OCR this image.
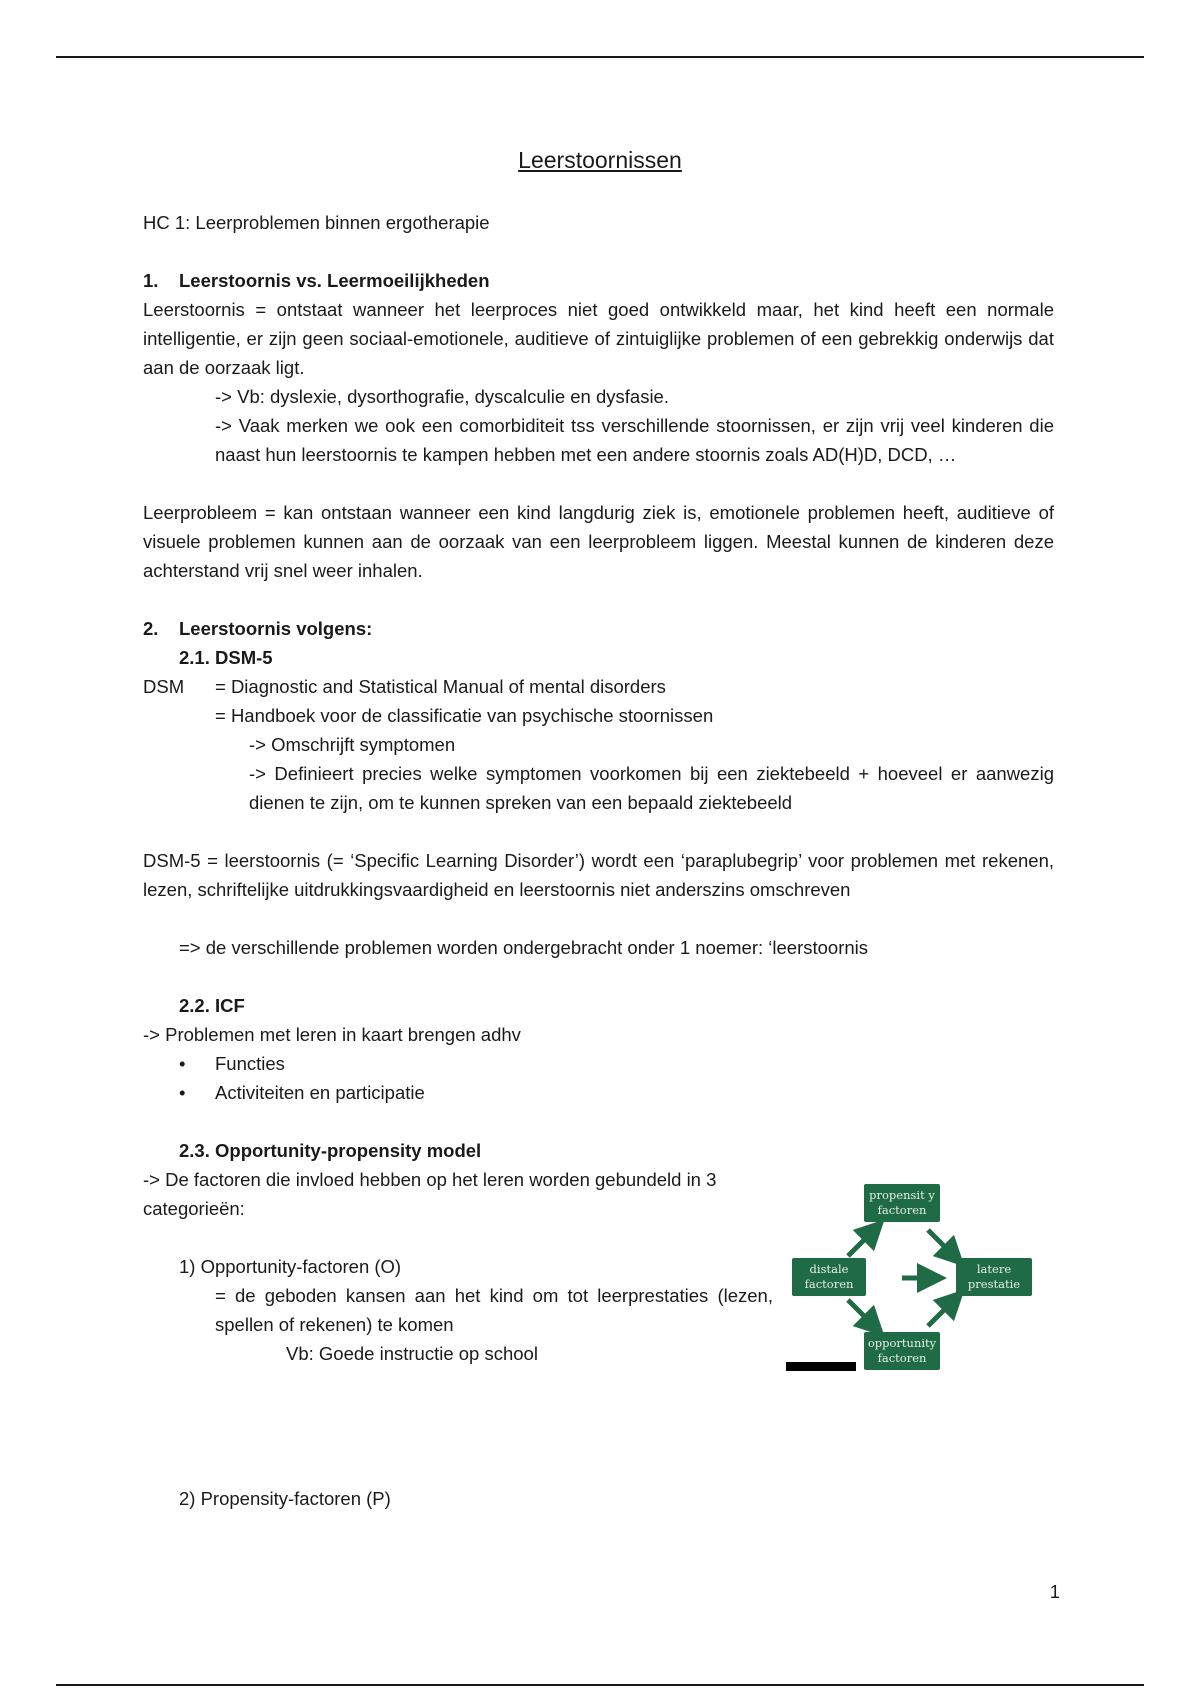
Leerstoornissen
HC 1: Leerproblemen binnen ergotherapie
1. Leerstoornis vs. Leermoeilijkheden
Leerstoornis = ontstaat wanneer het leerproces niet goed ontwikkeld maar, het kind heeft een normale intelligentie, er zijn geen sociaal-emotionele, auditieve of zintuiglijke problemen of een gebrekkig onderwijs dat aan de oorzaak ligt.
-> Vb: dyslexie, dysorthografie, dyscalculie en dysfasie.
-> Vaak merken we ook een comorbiditeit tss verschillende stoornissen, er zijn vrij veel kinderen die naast hun leerstoornis te kampen hebben met een andere stoornis zoals AD(H)D, DCD, …
Leerprobleem = kan ontstaan wanneer een kind langdurig ziek is, emotionele problemen heeft, auditieve of visuele problemen kunnen aan de oorzaak van een leerprobleem liggen. Meestal kunnen de kinderen deze achterstand vrij snel weer inhalen.
2. Leerstoornis volgens:
2.1. DSM-5
DSM	= Diagnostic and Statistical Manual of mental disorders
= Handboek voor de classificatie van psychische stoornissen
-> Omschrijft symptomen
-> Definieert precies welke symptomen voorkomen bij een ziektebeeld + hoeveel er aanwezig dienen te zijn, om te kunnen spreken van een bepaald ziektebeeld
DSM-5 = leerstoornis (= ‘Specific Learning Disorder’) wordt een ‘paraplubegrip’ voor problemen met rekenen, lezen, schriftelijke uitdrukkingsvaardigheid en leerstoornis niet anderszins omschreven
=> de verschillende problemen worden ondergebracht onder 1 noemer: ‘leerstoornis
2.2. ICF
-> Problemen met leren in kaart brengen adhv
• Functies
• Activiteiten en participatie
2.3. Opportunity-propensity model
-> De factoren die invloed hebben op het leren worden gebundeld in 3 categorieën:
1) Opportunity-factoren (O)
= de geboden kansen aan het kind om tot leerprestaties (lezen, spellen of rekenen) te komen
Vb: Goede instructie op school
2) Propensity-factoren (P)
propensit y
factoren
distale
factoren
latere
prestatie
opportunity
factoren
1
